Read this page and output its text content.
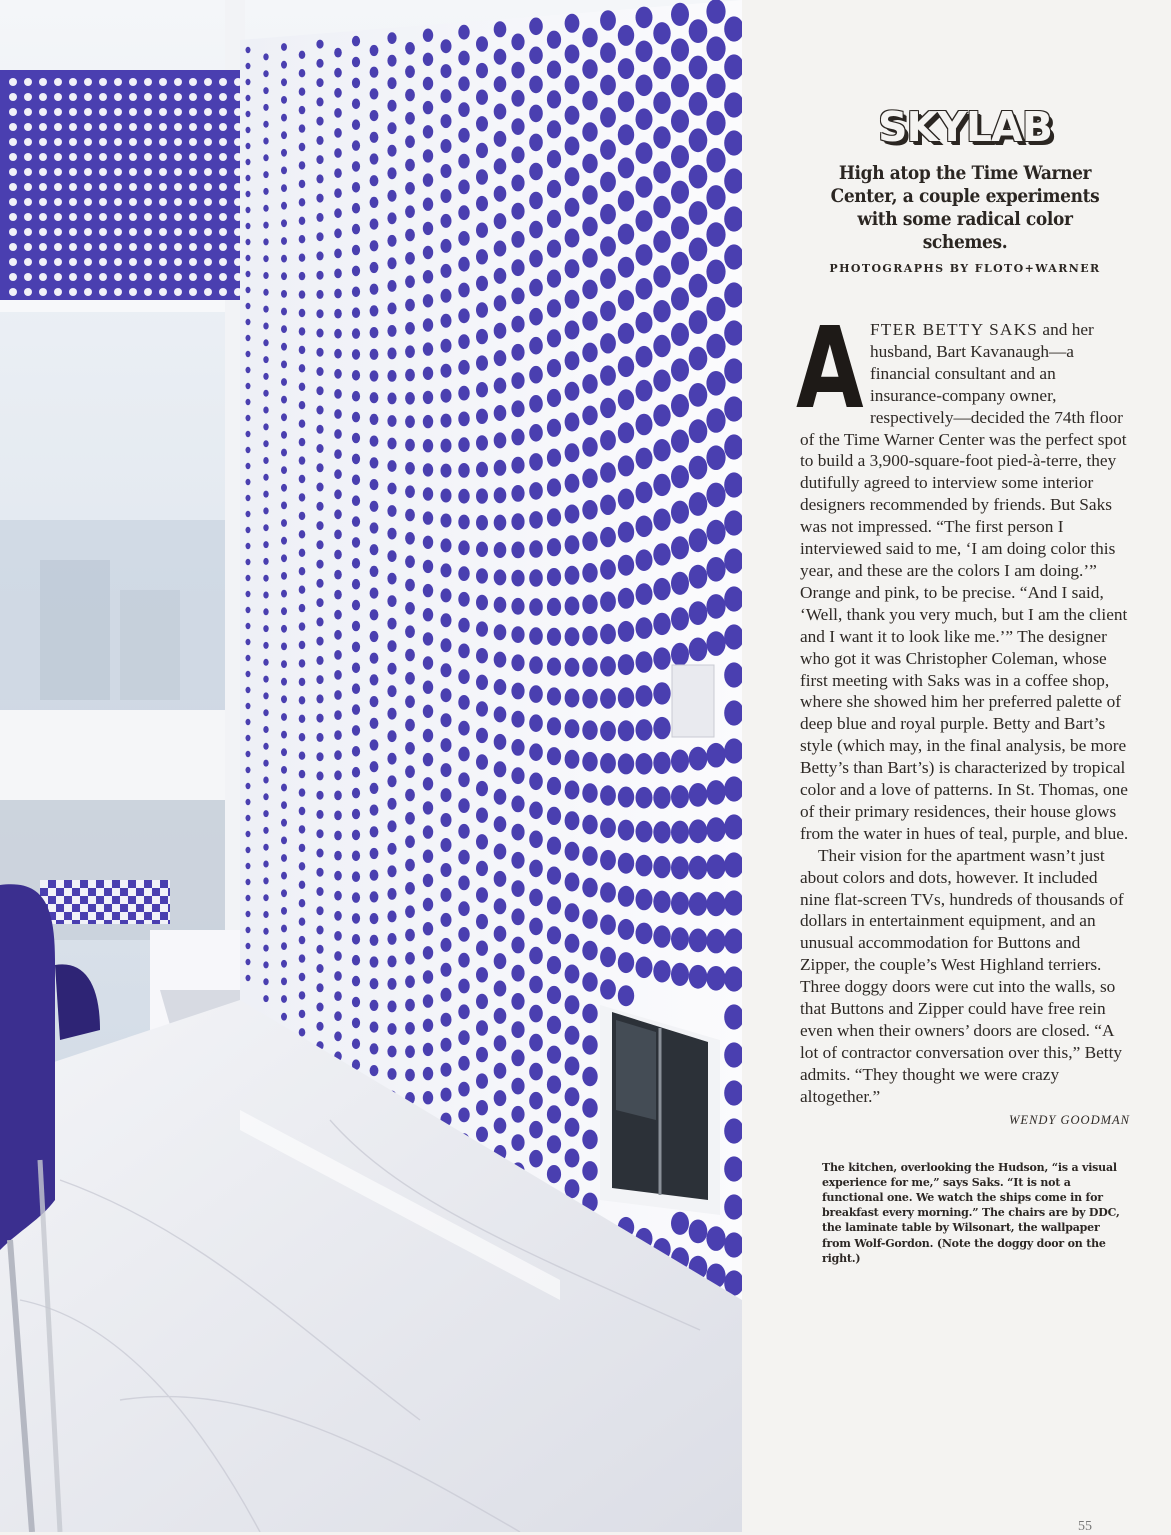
SKYLAB
High atop the Time Warner Center, a couple experiments with some radical color schemes.
PHOTOGRAPHS BY FLOTO+WARNER

AFTER BETTY SAKS and her husband, Bart Kavanaugh—a financial consultant and an insurance-company owner, respectively—decided the 74th floor of the Time Warner Center was the perfect spot to build a 3,900-square-foot pied-à-terre, they dutifully agreed to interview some interior designers recommended by friends. But Saks was not impressed. “The first person I interviewed said to me, ‘I am doing color this year, and these are the colors I am doing.’” Orange and pink, to be precise. “And I said, ‘Well, thank you very much, but I am the client and I want it to look like me.’” The designer who got it was Christopher Coleman, whose first meeting with Saks was in a coffee shop, where she showed him her preferred palette of deep blue and royal purple. Betty and Bart’s style (which may, in the final analysis, be more Betty’s than Bart’s) is characterized by tropical color and a love of patterns. In St. Thomas, one of their primary residences, their house glows from the water in hues of teal, purple, and blue.

Their vision for the apartment wasn’t just about colors and dots, however. It included nine flat-screen TVs, hundreds of thousands of dollars in entertainment equipment, and an unusual accommodation for Buttons and Zipper, the couple’s West Highland terriers. Three doggy doors were cut into the walls, so that Buttons and Zipper could have free rein even when their owners’ doors are closed. “A lot of contractor conversation over this,” Betty admits. “They thought we were crazy altogether.”

WENDY GOODMAN
The kitchen, overlooking the Hudson, “is a visual experience for me,” says Saks. “It is not a functional one. We watch the ships come in for breakfast every morning.” The chairs are by DDC, the laminate table by Wilsonart, the wallpaper from Wolf-Gordon. (Note the doggy door on the right.)
55
